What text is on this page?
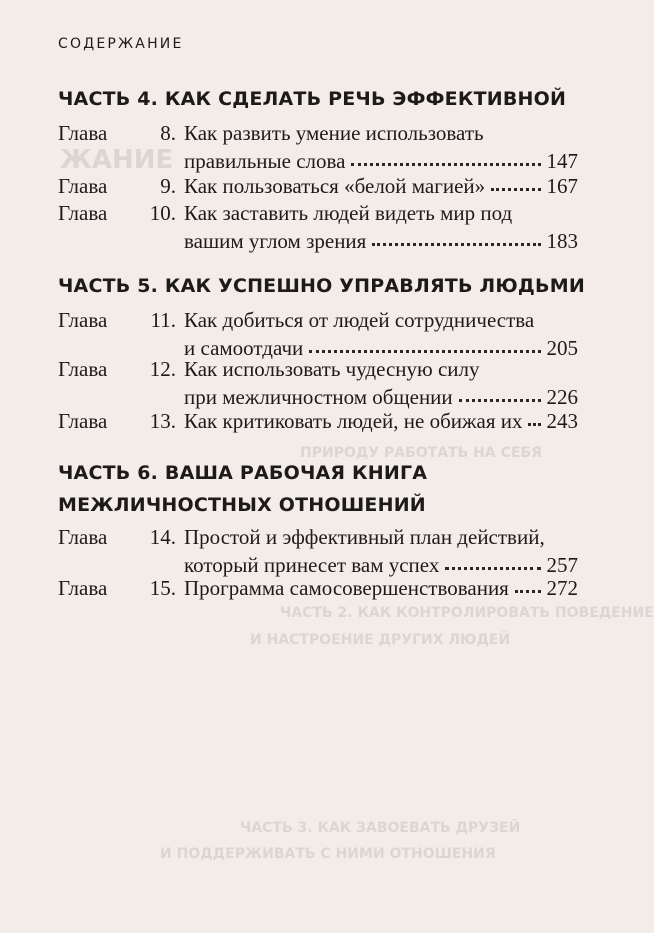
ЖАНИЕ
ПРИРОДУ РАБОТАТЬ НА СЕБЯ
ЧАСТЬ 2. КАК КОНТРОЛИРОВАТЬ ПОВЕДЕНИЕ
И НАСТРОЕНИЕ ДРУГИХ ЛЮДЕЙ
ЧАСТЬ 3. КАК ЗАВОЕВАТЬ ДРУЗЕЙ
И ПОДДЕРЖИВАТЬ С НИМИ ОТНОШЕНИЯ
СОДЕРЖАНИЕ
ЧАСТЬ 4. КАК СДЕЛАТЬ РЕЧЬ ЭФФЕКТИВНОЙ
Глава	8. Как развить умение использовать
правильные слова	147
Глава	9. Как пользоваться «белой магией»	167
Глава	10. Как заставить людей видеть мир под
вашим углом зрения	183
ЧАСТЬ 5. КАК УСПЕШНО УПРАВЛЯТЬ ЛЮДЬМИ
Глава	11. Как добиться от людей сотрудничества
и самоотдачи	205
Глава	12. Как использовать чудесную силу
при межличностном общении	226
Глава	13. Как критиковать людей, не обижая их 243
ЧАСТЬ 6. ВАША РАБОЧАЯ КНИГА
МЕЖЛИЧНОСТНЫХ ОТНОШЕНИЙ
Глава	14. Простой и эффективный план действий,
который принесет вам успех	257
Глава	15. Программа самосовершенствования 272
